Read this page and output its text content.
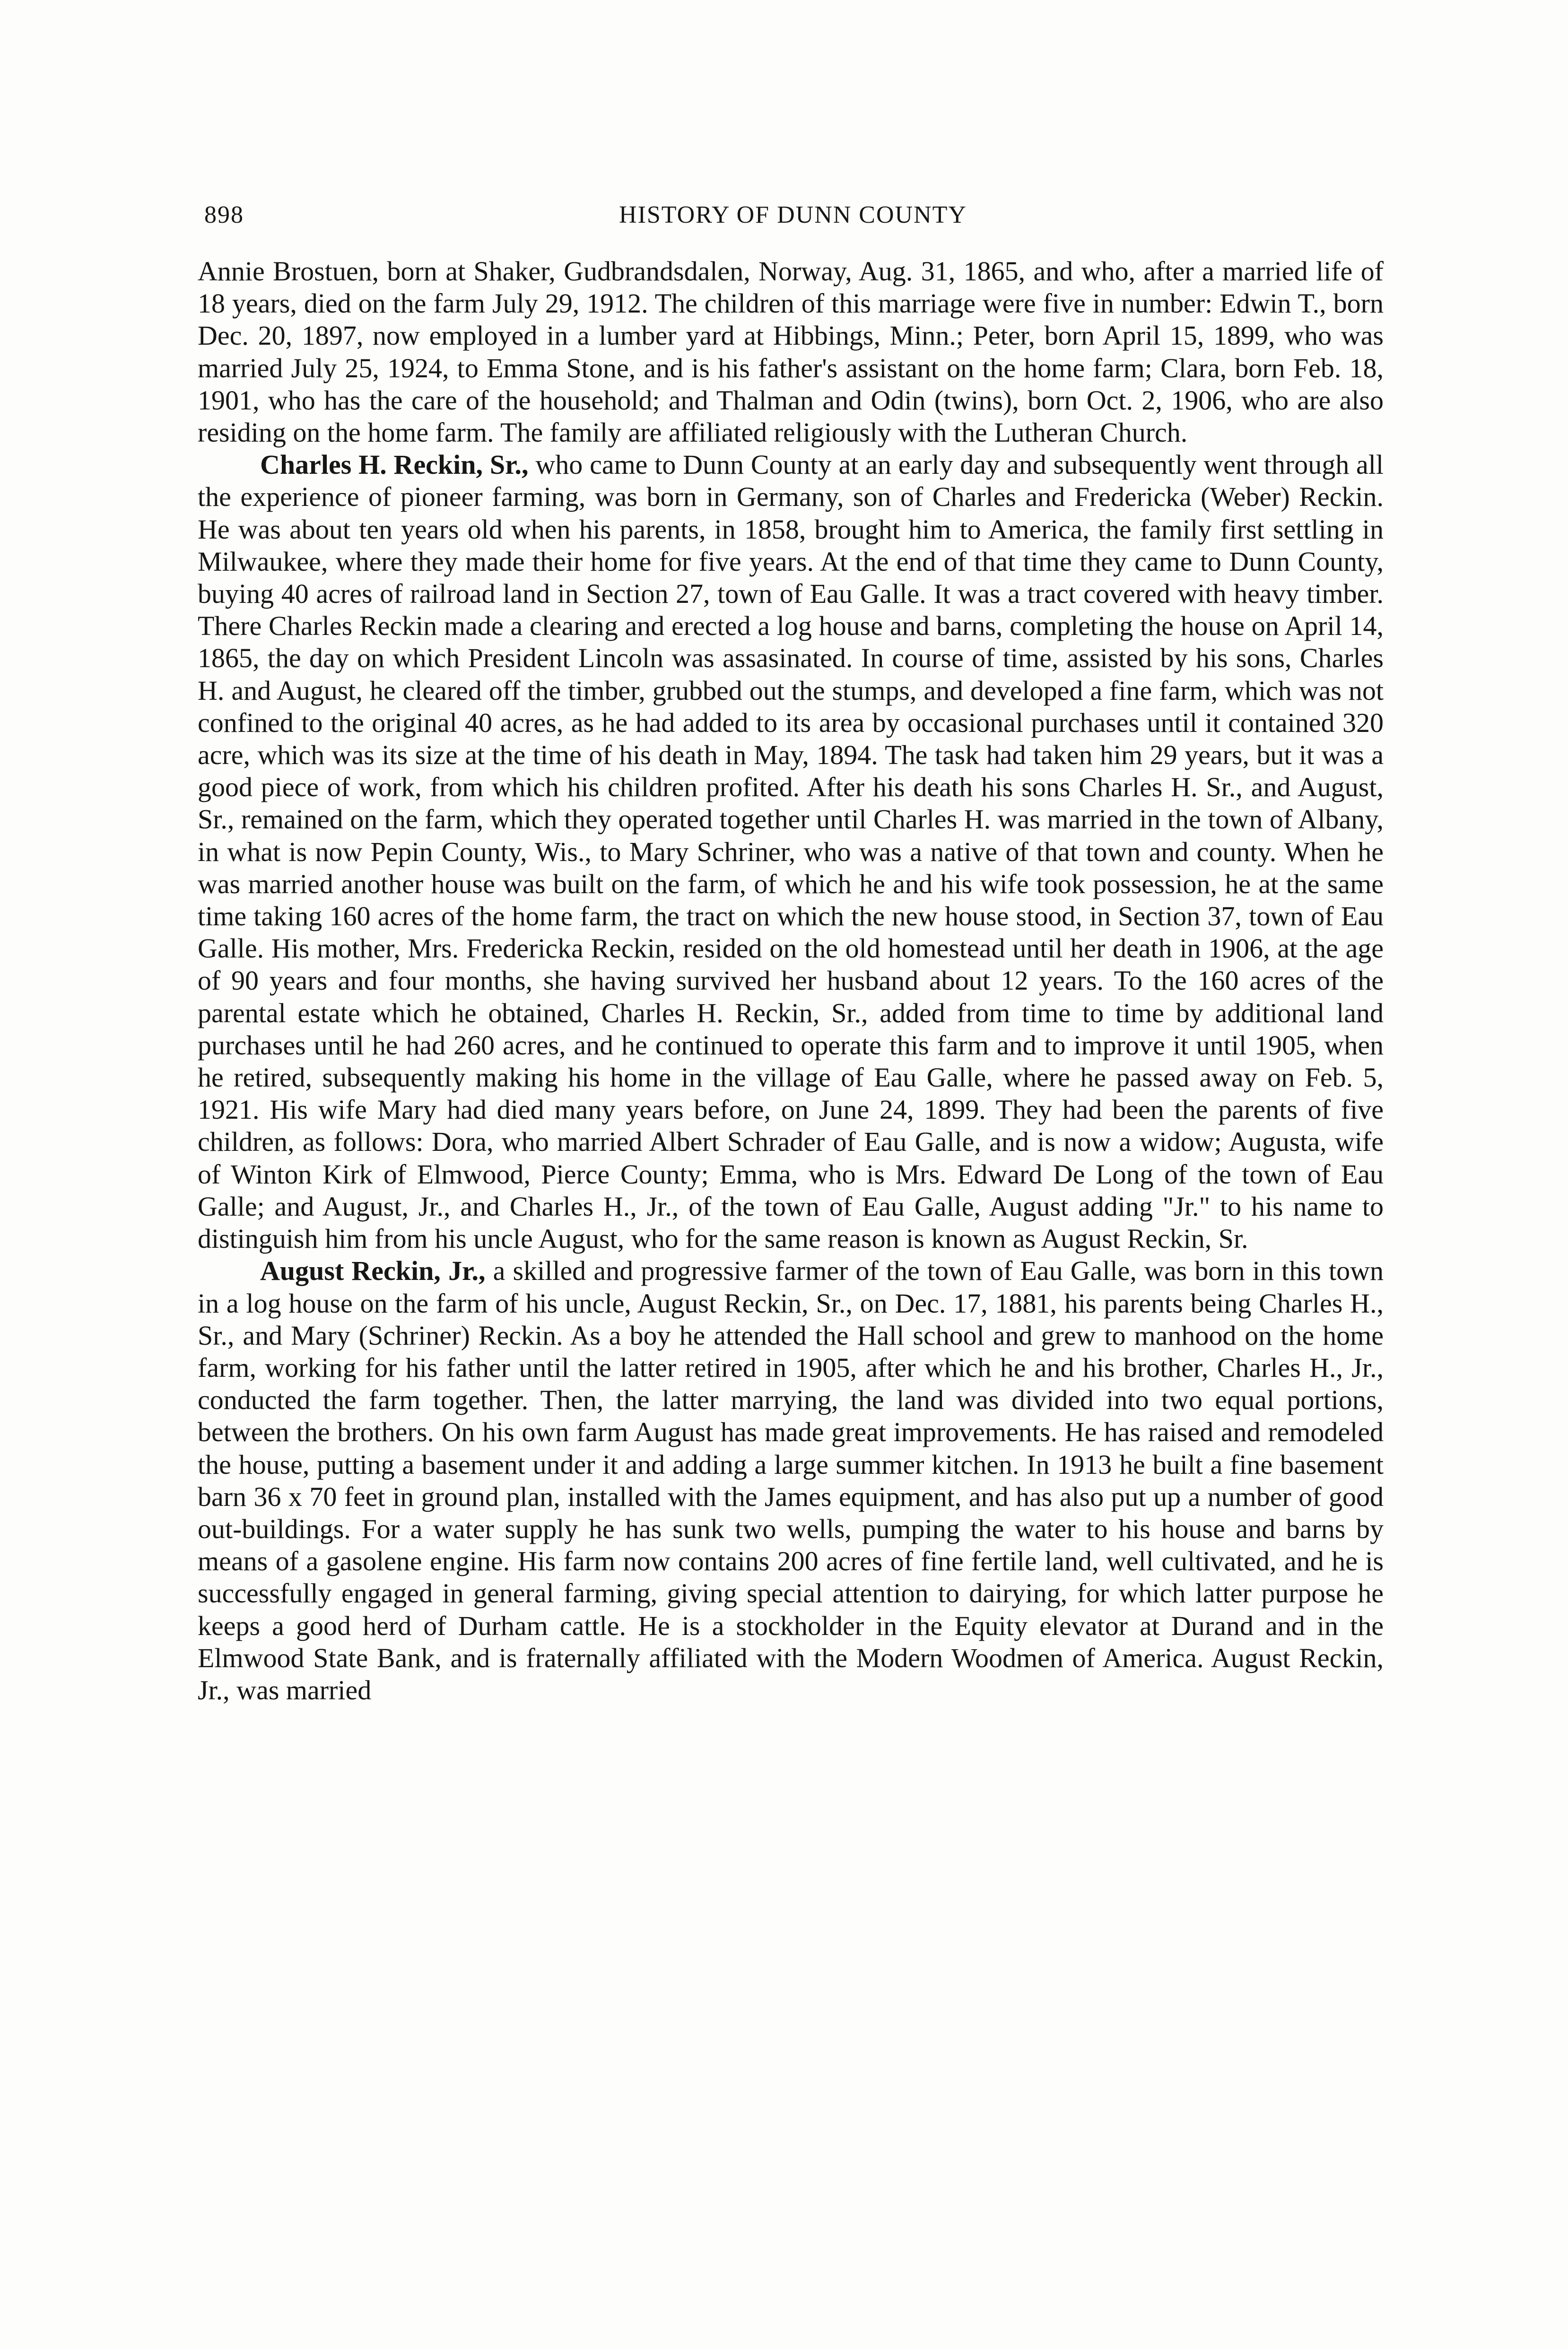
898	HISTORY OF DUNN COUNTY

Annie Brostuen, born at Shaker, Gudbrandsdalen, Norway, Aug. 31, 1865, and who, after a married life of 18 years, died on the farm July 29, 1912. The children of this marriage were five in number: Edwin T., born Dec. 20, 1897, now employed in a lumber yard at Hibbings, Minn.; Peter, born April 15, 1899, who was married July 25, 1924, to Emma Stone, and is his father's assistant on the home farm; Clara, born Feb. 18, 1901, who has the care of the household; and Thalman and Odin (twins), born Oct. 2, 1906, who are also residing on the home farm. The family are affiliated religiously with the Lutheran Church.

Charles H. Reckin, Sr., who came to Dunn County at an early day and subsequently went through all the experience of pioneer farming, was born in Germany, son of Charles and Fredericka (Weber) Reckin. He was about ten years old when his parents, in 1858, brought him to America, the family first settling in Milwaukee, where they made their home for five years. At the end of that time they came to Dunn County, buying 40 acres of railroad land in Section 27, town of Eau Galle. It was a tract covered with heavy timber. There Charles Reckin made a clearing and erected a log house and barns, completing the house on April 14, 1865, the day on which President Lincoln was assasinated. In course of time, assisted by his sons, Charles H. and August, he cleared off the timber, grubbed out the stumps, and developed a fine farm, which was not confined to the original 40 acres, as he had added to its area by occasional purchases until it contained 320 acre, which was its size at the time of his death in May, 1894. The task had taken him 29 years, but it was a good piece of work, from which his children profited. After his death his sons Charles H. Sr., and August, Sr., remained on the farm, which they operated together until Charles H. was married in the town of Albany, in what is now Pepin County, Wis., to Mary Schriner, who was a native of that town and county. When he was married another house was built on the farm, of which he and his wife took possession, he at the same time taking 160 acres of the home farm, the tract on which the new house stood, in Section 37, town of Eau Galle. His mother, Mrs. Fredericka Reckin, resided on the old homestead until her death in 1906, at the age of 90 years and four months, she having survived her husband about 12 years. To the 160 acres of the parental estate which he obtained, Charles H. Reckin, Sr., added from time to time by additional land purchases until he had 260 acres, and he continued to operate this farm and to improve it until 1905, when he retired, subsequently making his home in the village of Eau Galle, where he passed away on Feb. 5, 1921. His wife Mary had died many years before, on June 24, 1899. They had been the parents of five children, as follows: Dora, who married Albert Schrader of Eau Galle, and is now a widow; Augusta, wife of Winton Kirk of Elmwood, Pierce County; Emma, who is Mrs. Edward De Long of the town of Eau Galle; and August, Jr., and Charles H., Jr., of the town of Eau Galle, August adding "Jr." to his name to distinguish him from his uncle August, who for the same reason is known as August Reckin, Sr.

August Reckin, Jr., a skilled and progressive farmer of the town of Eau Galle, was born in this town in a log house on the farm of his uncle, August Reckin, Sr., on Dec. 17, 1881, his parents being Charles H., Sr., and Mary (Schriner) Reckin. As a boy he attended the Hall school and grew to manhood on the home farm, working for his father until the latter retired in 1905, after which he and his brother, Charles H., Jr., conducted the farm together. Then, the latter marrying, the land was divided into two equal portions, between the brothers. On his own farm August has made great improvements. He has raised and remodeled the house, putting a basement under it and adding a large summer kitchen. In 1913 he built a fine basement barn 36 x 70 feet in ground plan, installed with the James equipment, and has also put up a number of good out-buildings. For a water supply he has sunk two wells, pumping the water to his house and barns by means of a gasolene engine. His farm now contains 200 acres of fine fertile land, well cultivated, and he is successfully engaged in general farming, giving special attention to dairying, for which latter purpose he keeps a good herd of Durham cattle. He is a stockholder in the Equity elevator at Durand and in the Elmwood State Bank, and is fraternally affiliated with the Modern Woodmen of America. August Reckin, Jr., was married
